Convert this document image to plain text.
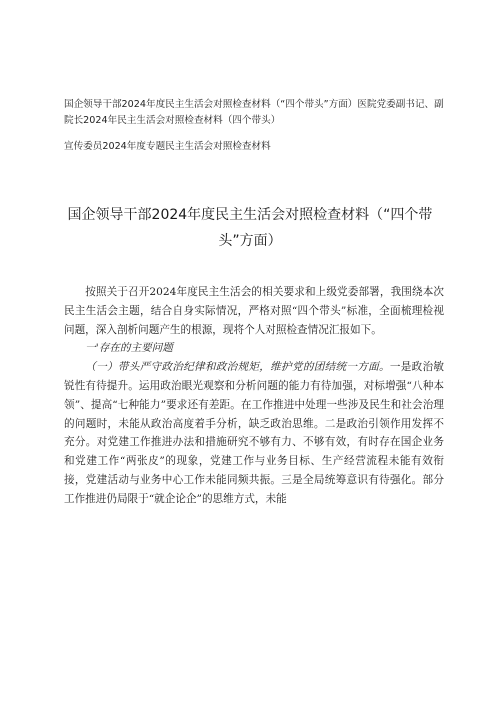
国企领导干部2024年度民主生活会对照检查材料（“四个带头”方面）医院党委副书记、副院长2024年民主生活会对照检查材料（四个带头）

宣传委员2024年度专题民主生活会对照检查材料

国企领导干部2024年度民主生活会对照检查材料（“四个带头”方面）

按照关于召开2024年度民主生活会的相关要求和上级党委部署，我围绕本次民主生活会主题，结合自身实际情况，严格对照“四个带头”标准，全面梳理检视问题，深入剖析问题产生的根源，现将个人对照检查情况汇报如下。

一'存在的主要问题

（一）带头严守政治纪律和政治规矩，维护党的团结统一方面。一是政治敏锐性有待提升。运用政治眼光观察和分析问题的能力有待加强，对标增强“八种本领”、提高“七种能力”要求还有差距。在工作推进中处理一些涉及民生和社会治理的问题时，未能从政治高度着手分析，缺乏政治思维。二是政治引领作用发挥不充分。对党建工作推进办法和措施研究不够有力、不够有效，有时存在国企业务和党建工作“两张皮”的现象，党建工作与业务目标、生产经营流程未能有效衔接，党建活动与业务中心工作未能同频共振。三是全局统筹意识有待强化。部分工作推进仍局限于“就企论企”的思维方式，未能
